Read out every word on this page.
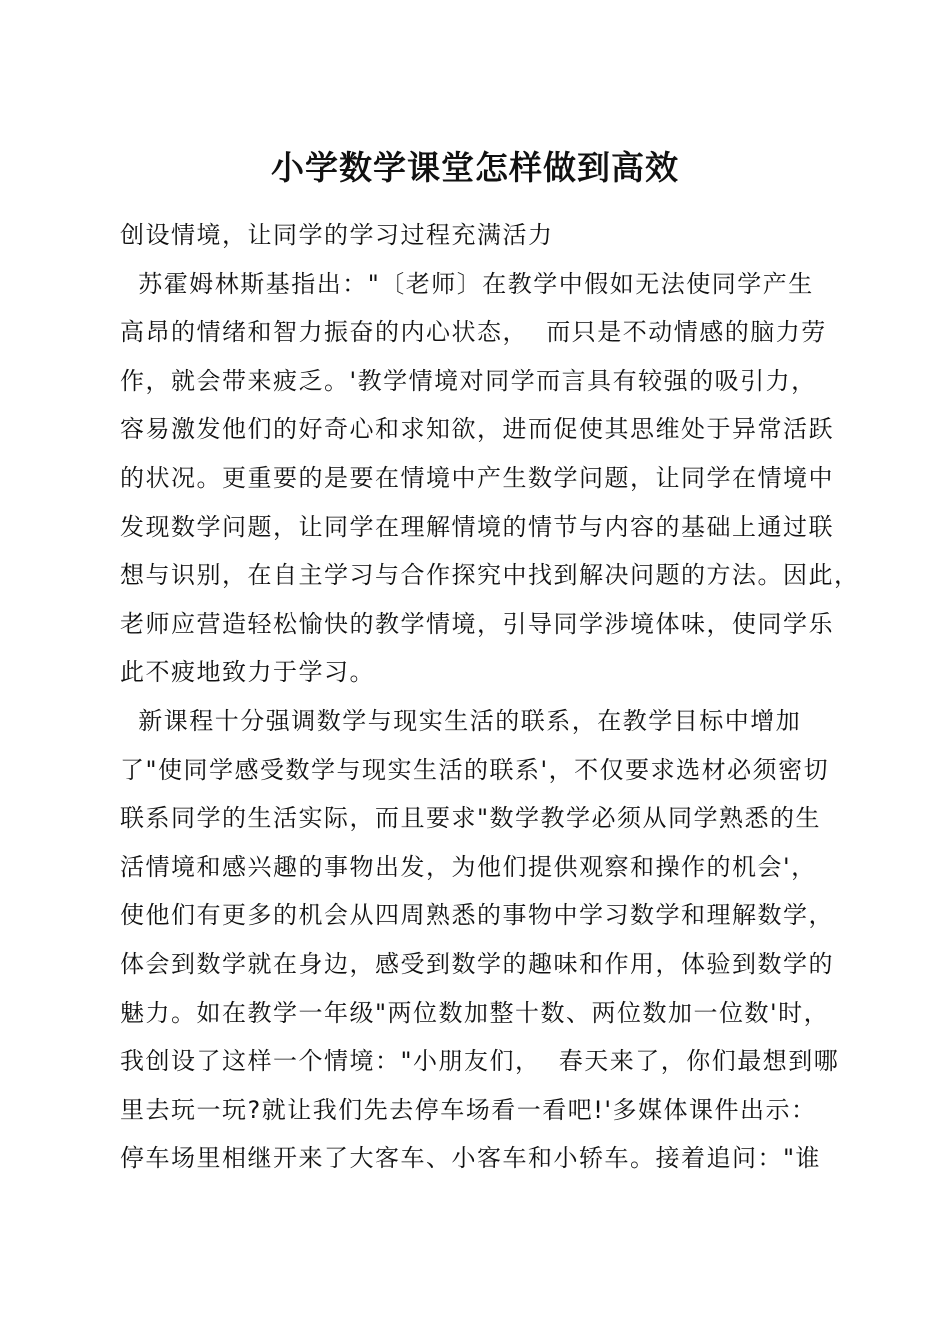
小学数学课堂怎样做到高效
创设情境，让同学的学习过程充满活力
苏霍姆林斯基指出："〔老师〕在教学中假如无法使同学产生
高昂的情绪和智力振奋的内心状态，  而只是不动情感的脑力劳
作，就会带来疲乏。'教学情境对同学而言具有较强的吸引力，
容易激发他们的好奇心和求知欲，进而促使其思维处于异常活跃
的状况。更重要的是要在情境中产生数学问题，让同学在情境中
发现数学问题，让同学在理解情境的情节与内容的基础上通过联
想与识别，在自主学习与合作探究中找到解决问题的方法。因此，
老师应营造轻松愉快的教学情境，引导同学涉境体味，使同学乐
此不疲地致力于学习。
新课程十分强调数学与现实生活的联系，在教学目标中增加
了"使同学感受数学与现实生活的联系'，不仅要求选材必须密切
联系同学的生活实际，而且要求"数学教学必须从同学熟悉的生
活情境和感兴趣的事物出发，为他们提供观察和操作的机会'，
使他们有更多的机会从四周熟悉的事物中学习数学和理解数学，
体会到数学就在身边，感受到数学的趣味和作用，体验到数学的
魅力。如在教学一年级"两位数加整十数、两位数加一位数'时，
我创设了这样一个情境："小朋友们，  春天来了，你们最想到哪
里去玩一玩?就让我们先去停车场看一看吧!'多媒体课件出示：
停车场里相继开来了大客车、小客车和小轿车。接着追问："谁
